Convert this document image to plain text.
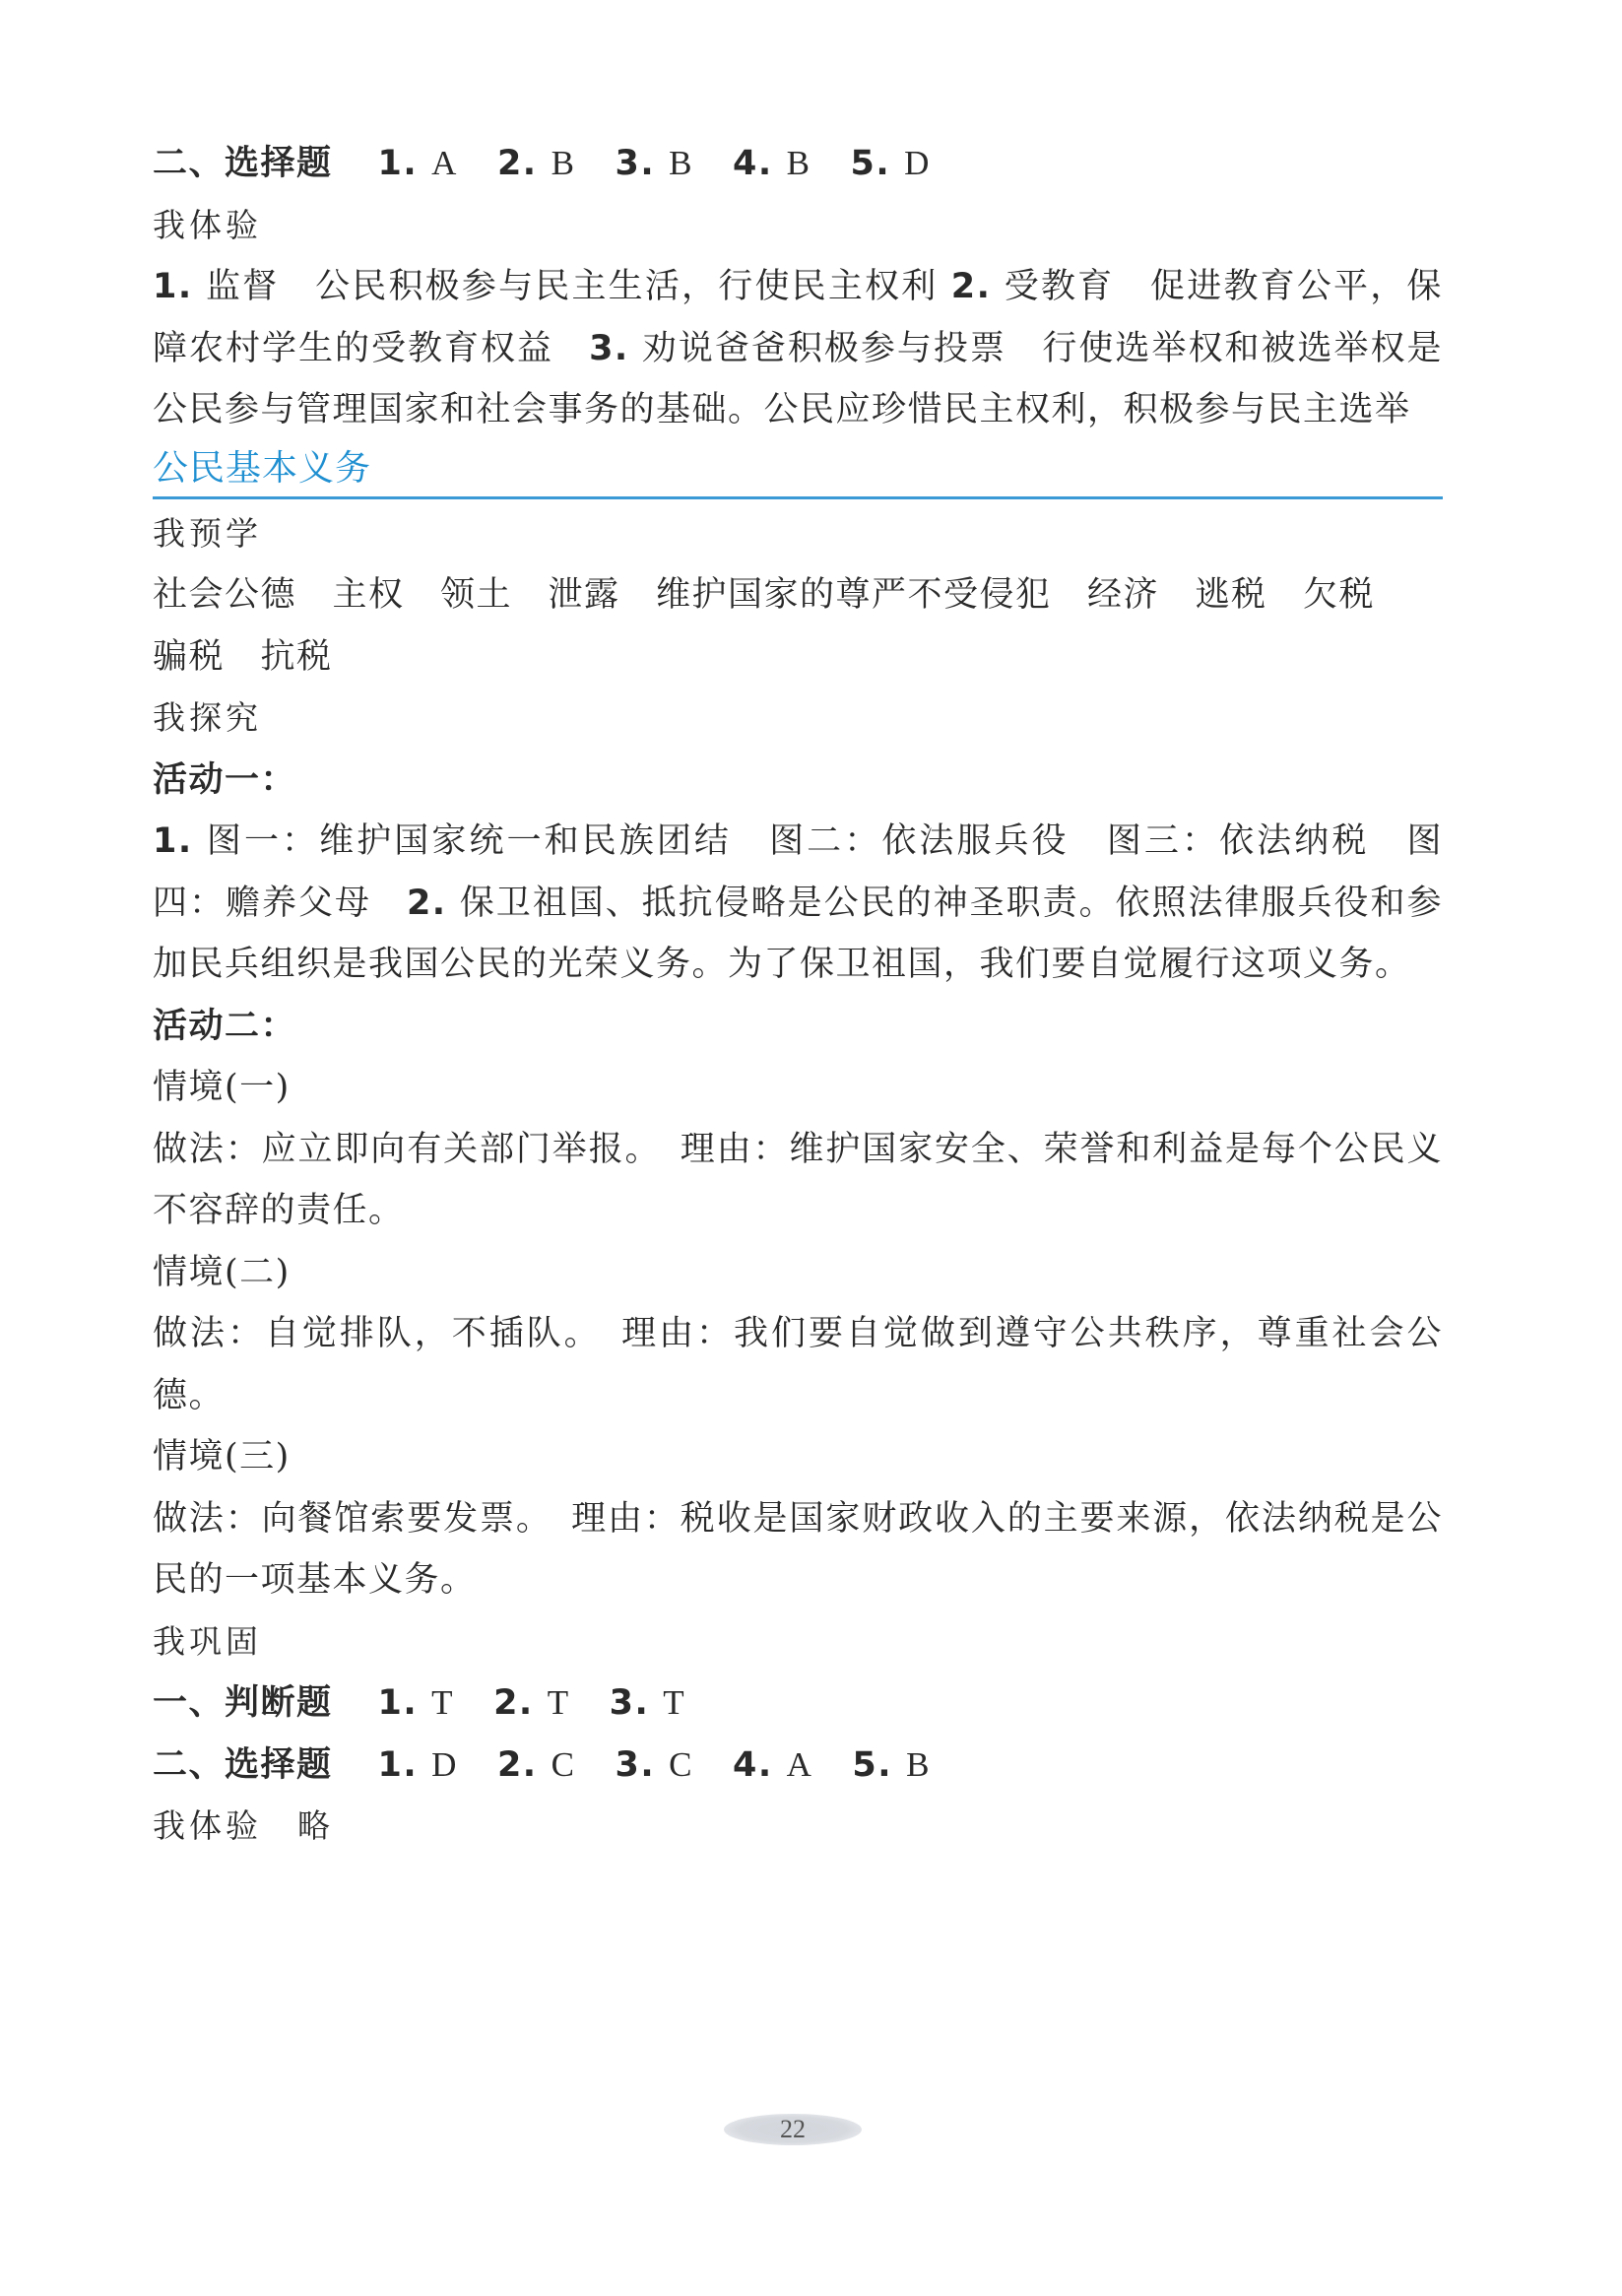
二、选择题 1. A 2. B 3. B 4. B 5. D
我体验
1. 监督 公民积极参与民主生活，行使民主权利 2. 受教育 促进教育公平，保障农村学生的受教育权益 3. 劝说爸爸积极参与投票 行使选举权和被选举权是公民参与管理国家和社会事务的基础。公民应珍惜民主权利，积极参与民主选举
公民基本义务
我预学
社会公德　主权　领土　泄露　维护国家的尊严不受侵犯　经济　逃税　欠税
骗税　抗税
我探究
活动一：
1. 图一：维护国家统一和民族团结　图二：依法服兵役　图三：依法纳税　图四：赡养父母 2. 保卫祖国、抵抗侵略是公民的神圣职责。依照法律服兵役和参加民兵组织是我国公民的光荣义务。为了保卫祖国，我们要自觉履行这项义务。
活动二：
情境(一)
做法：应立即向有关部门举报。　理由：维护国家安全、荣誉和利益是每个公民义不容辞的责任。
情境(二)
做法：自觉排队，不插队。　理由：我们要自觉做到遵守公共秩序，尊重社会公德。
情境(三)
做法：向餐馆索要发票。　理由：税收是国家财政收入的主要来源，依法纳税是公民的一项基本义务。
我巩固
一、判断题 1. T 2. T 3. T
二、选择题 1. D 2. C 3. C 4. A 5. B
我体验 略
22
